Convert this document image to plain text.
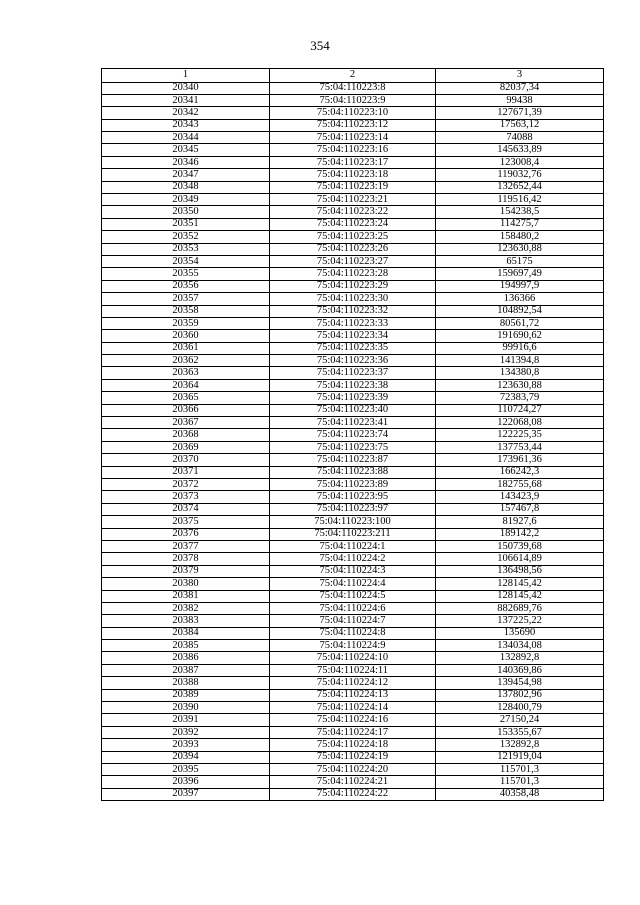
354
1	2	3
20340	75:04:110223:8	82037,34
20341	75:04:110223:9	99438
20342	75:04:110223:10	127671,39
20343	75:04:110223:12	17563,12
20344	75:04:110223:14	74088
20345	75:04:110223:16	145633,89
20346	75:04:110223:17	123008,4
20347	75:04:110223:18	119032,76
20348	75:04:110223:19	132652,44
20349	75:04:110223:21	119516,42
20350	75:04:110223:22	154238,5
20351	75:04:110223:24	114275,7
20352	75:04:110223:25	158480,2
20353	75:04:110223:26	123630,88
20354	75:04:110223:27	65175
20355	75:04:110223:28	159697,49
20356	75:04:110223:29	194997,9
20357	75:04:110223:30	136366
20358	75:04:110223:32	104892,54
20359	75:04:110223:33	80561,72
20360	75:04:110223:34	191690,62
20361	75:04:110223:35	99916,6
20362	75:04:110223:36	141394,8
20363	75:04:110223:37	134380,8
20364	75:04:110223:38	123630,88
20365	75:04:110223:39	72383,79
20366	75:04:110223:40	110724,27
20367	75:04:110223:41	122068,08
20368	75:04:110223:74	122225,35
20369	75:04:110223:75	137753,44
20370	75:04:110223:87	173961,36
20371	75:04:110223:88	166242,3
20372	75:04:110223:89	182755,68
20373	75:04:110223:95	143423,9
20374	75:04:110223:97	157467,8
20375	75:04:110223:100	81927,6
20376	75:04:110223:211	189142,2
20377	75:04:110224:1	150739,68
20378	75:04:110224:2	106614,89
20379	75:04:110224:3	136498,56
20380	75:04:110224:4	128145,42
20381	75:04:110224:5	128145,42
20382	75:04:110224:6	882689,76
20383	75:04:110224:7	137225,22
20384	75:04:110224:8	135690
20385	75:04:110224:9	134034,08
20386	75:04:110224:10	132892,8
20387	75:04:110224:11	140369,86
20388	75:04:110224:12	139454,98
20389	75:04:110224:13	137802,96
20390	75:04:110224:14	128400,79
20391	75:04:110224:16	27150,24
20392	75:04:110224:17	153355,67
20393	75:04:110224:18	132892,8
20394	75:04:110224:19	121919,04
20395	75:04:110224:20	115701,3
20396	75:04:110224:21	115701,3
20397	75:04:110224:22	40358,48
